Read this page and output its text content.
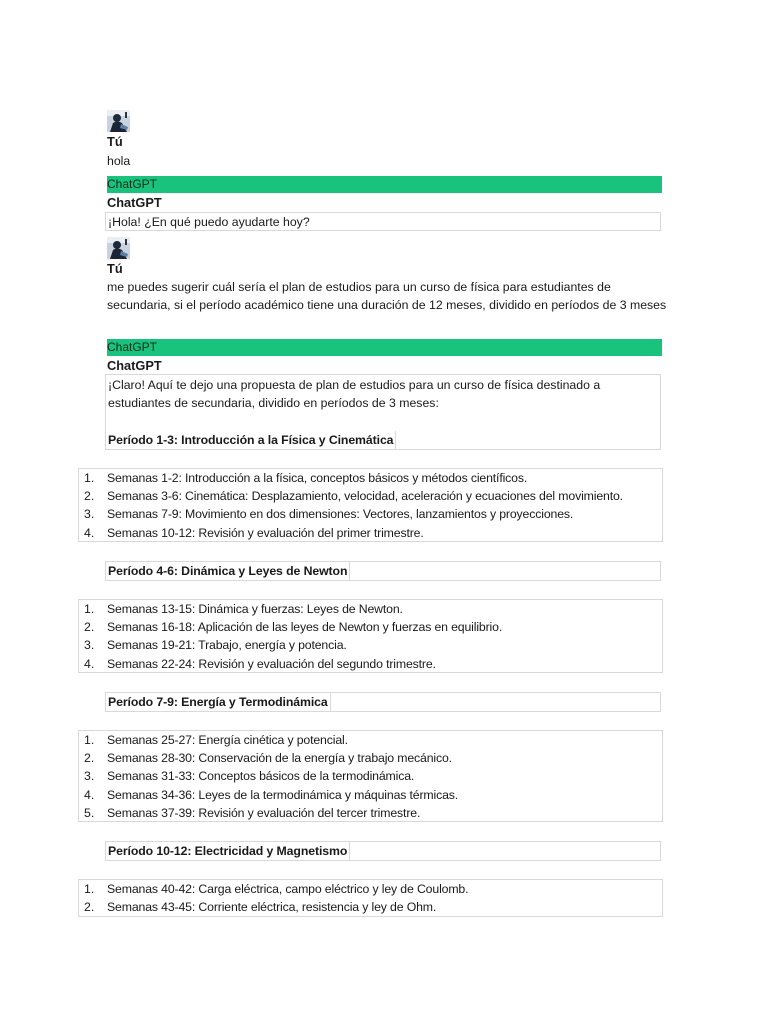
Tú
hola
ChatGPT
ChatGPT
¡Hola! ¿En qué puedo ayudarte hoy?
Tú
me puedes sugerir cuál sería el plan de estudios para un curso de física para estudiantes de secundaria, si el período académico tiene una duración de 12 meses, dividido en períodos de 3 meses
ChatGPT
ChatGPT
¡Claro! Aquí te dejo una propuesta de plan de estudios para un curso de física destinado a estudiantes de secundaria, dividido en períodos de 3 meses:
Período 1-3: Introducción a la Física y Cinemática
1.	Semanas 1-2: Introducción a la física, conceptos básicos y métodos científicos.
2.	Semanas 3-6: Cinemática: Desplazamiento, velocidad, aceleración y ecuaciones del movimiento.
3.	Semanas 7-9: Movimiento en dos dimensiones: Vectores, lanzamientos y proyecciones.
4.	Semanas 10-12: Revisión y evaluación del primer trimestre.
Período 4-6: Dinámica y Leyes de Newton
1.	Semanas 13-15: Dinámica y fuerzas: Leyes de Newton.
2.	Semanas 16-18: Aplicación de las leyes de Newton y fuerzas en equilibrio.
3.	Semanas 19-21: Trabajo, energía y potencia.
4.	Semanas 22-24: Revisión y evaluación del segundo trimestre.
Período 7-9: Energía y Termodinámica
1.	Semanas 25-27: Energía cinética y potencial.
2.	Semanas 28-30: Conservación de la energía y trabajo mecánico.
3.	Semanas 31-33: Conceptos básicos de la termodinámica.
4.	Semanas 34-36: Leyes de la termodinámica y máquinas térmicas.
5.	Semanas 37-39: Revisión y evaluación del tercer trimestre.
Período 10-12: Electricidad y Magnetismo
1.	Semanas 40-42: Carga eléctrica, campo eléctrico y ley de Coulomb.
2.	Semanas 43-45: Corriente eléctrica, resistencia y ley de Ohm.
